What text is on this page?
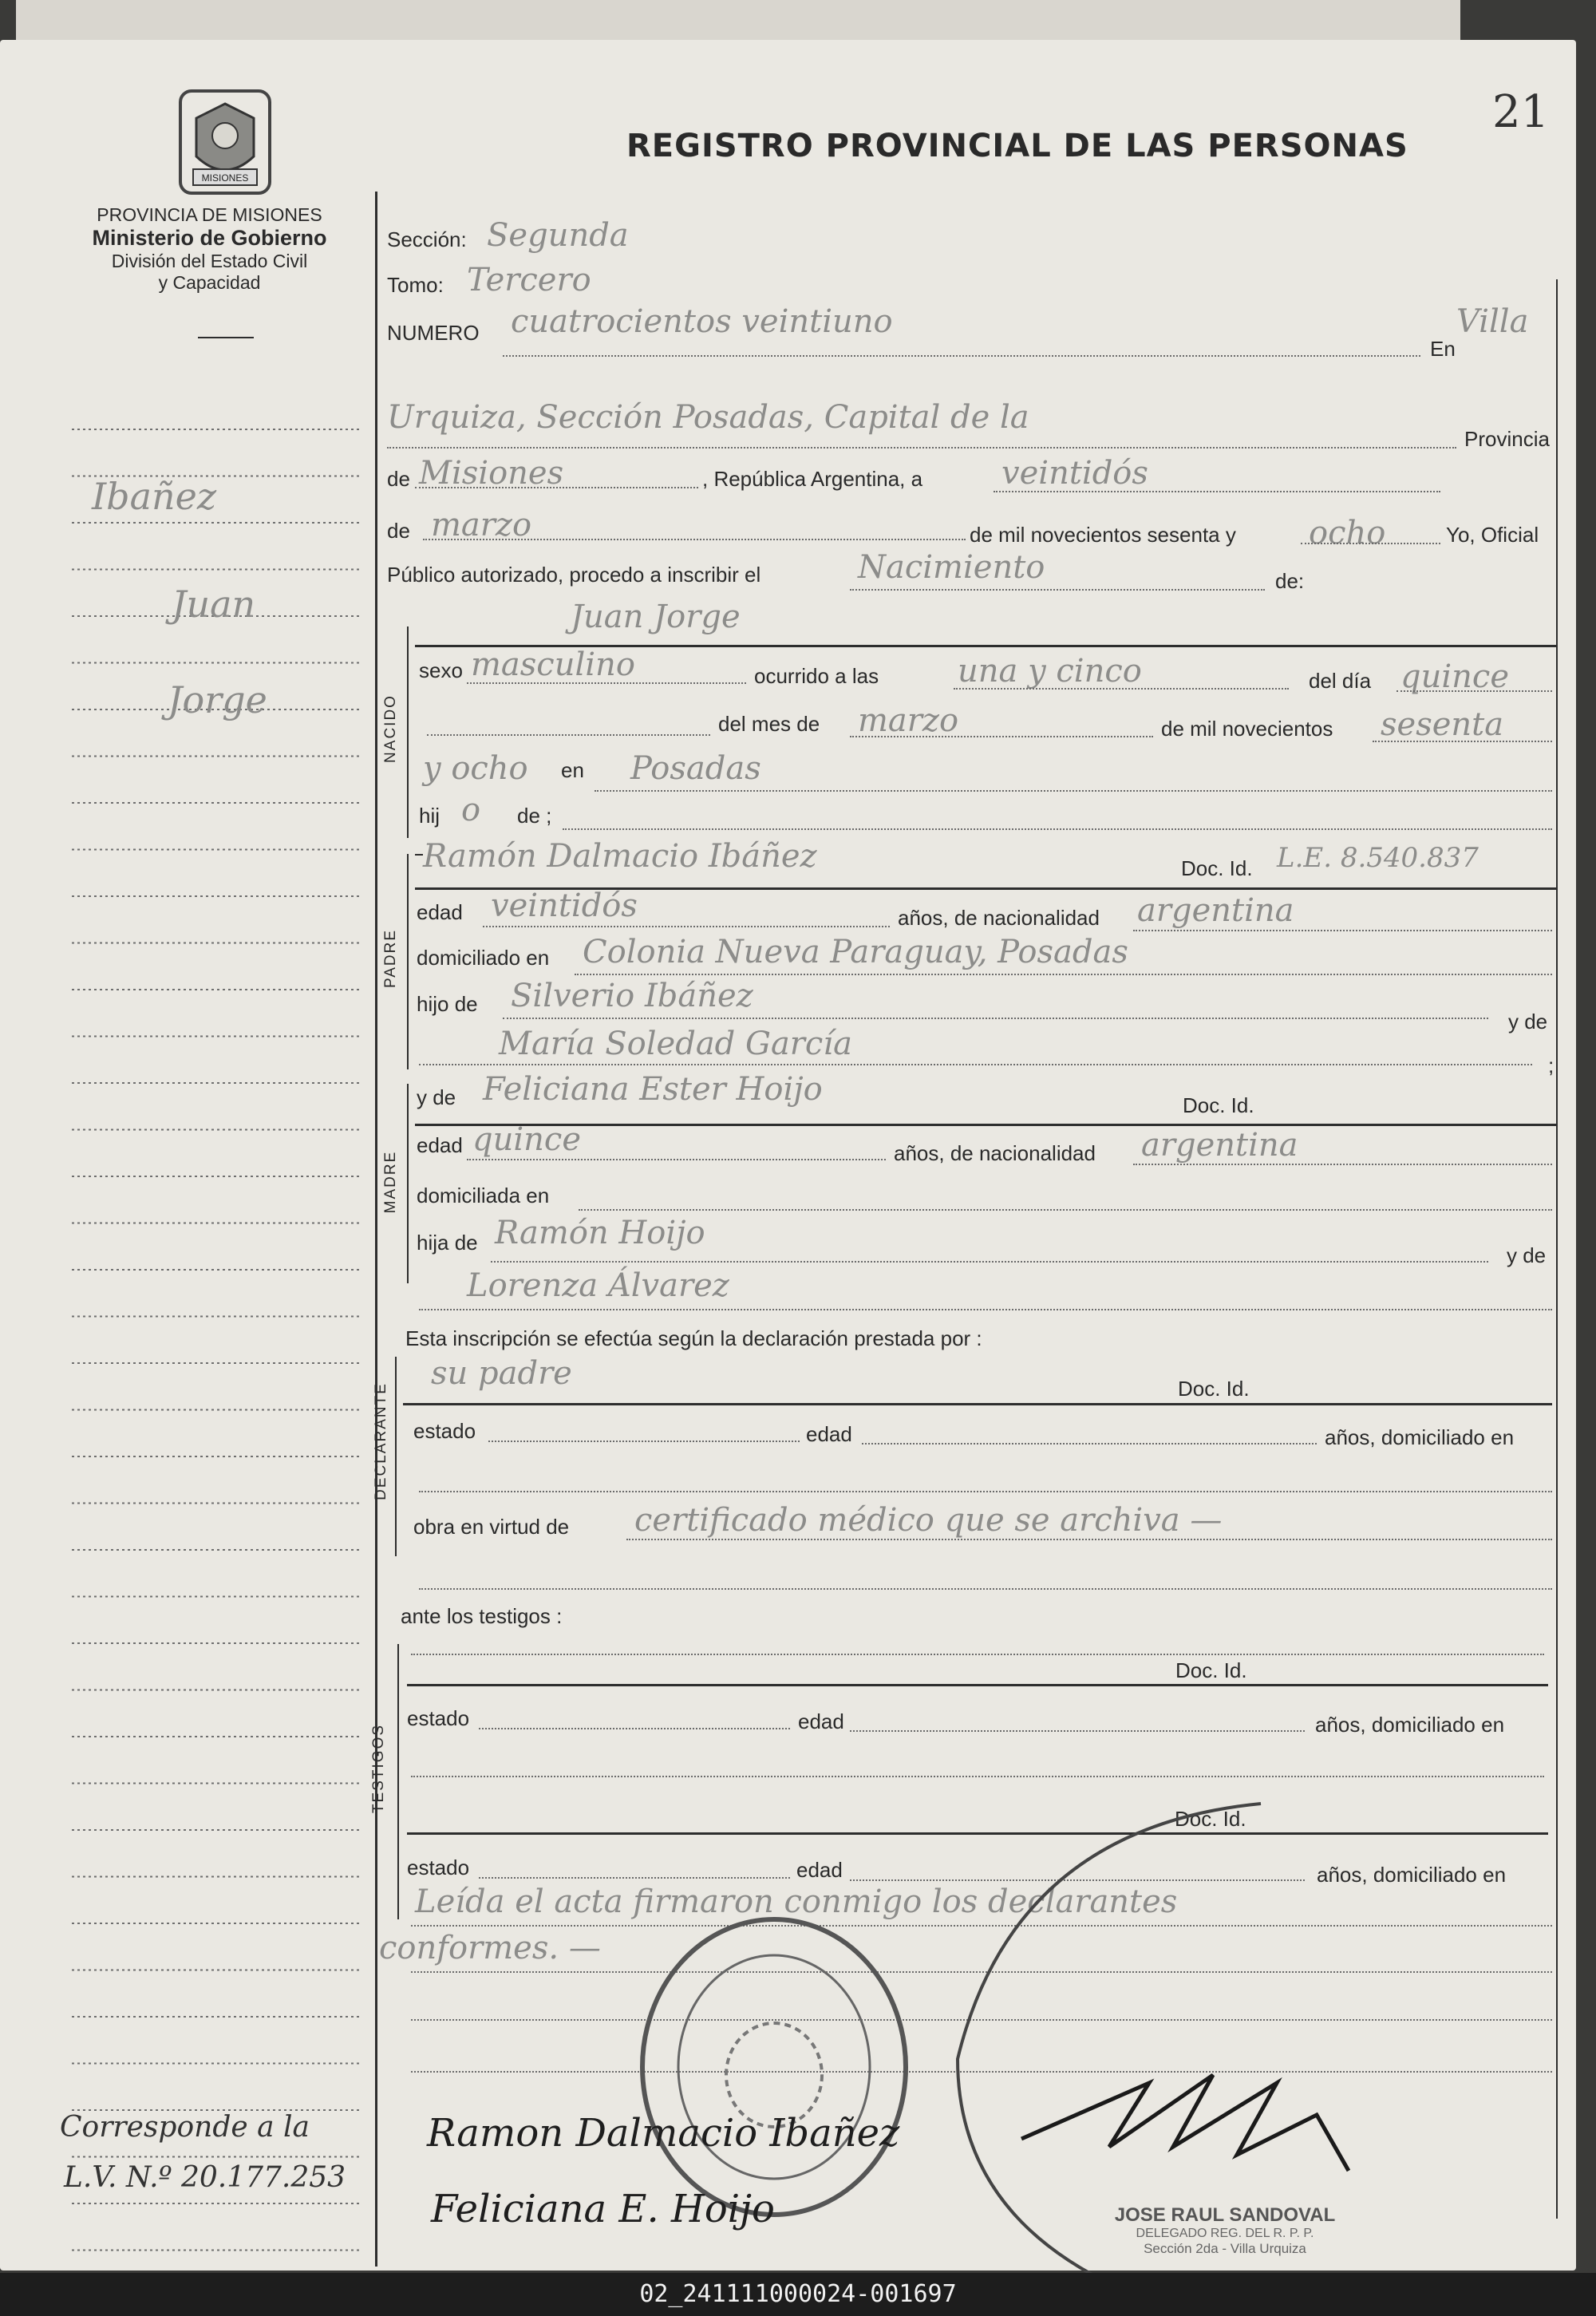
MISIONES
PROVINCIA DE MISIONES
Ministerio de Gobierno
División del Estado Civil
y Capacidad
REGISTRO PROVINCIAL DE LAS PERSONAS
21
Ibañez
Juan
Jorge
Corresponde a la
L.V. N.º 20.177.253
Sección: Segunda
Tomo: Tercero
NUMERO cuatrocientos veintiuno
En
Villa
Urquiza, Sección Posadas, Capital de la
Provincia
de Misiones	, República Argentina, a veintidós
de marzo	de mil novecientos sesenta y ocho	Yo, Oficial
Público autorizado, procedo a inscribir el	Nacimiento	de:
Juan Jorge
NACIDO
sexo masculino	ocurrido a las una y cinco	del día quince
del mes de marzo	de mil novecientos sesenta
y ocho en Posadas
hij o de ;
PADRE
Ramón Dalmacio Ibáñez	Doc. Id. L.E. 8.540.837
edad veintidós	años, de nacionalidad argentina
domiciliado en Colonia Nueva Paraguay, Posadas
hijo de Silverio Ibáñez
y de
María Soledad García
;
MADRE
y de Feliciana Ester Hoijo	Doc. Id.
edad quince	años, de nacionalidad argentina
domiciliada en
hija de Ramón Hoijo
y de
Lorenza Álvarez
Esta inscripción se efectúa según la declaración prestada por :
DECLARANTE
su padre	Doc. Id.
estado	edad	años, domiciliado en
obra en virtud de certificado médico que se archiva —
ante los testigos :
TESTIGOS
Doc. Id.
estado	edad	años, domiciliado en
Doc. Id.
estado	edad	años, domiciliado en
Leída el acta firmaron conmigo los declarantes
conformes. —
JOSE RAUL SANDOVAL
DELEGADO REG. DEL R. P. P.
Sección 2da - Villa Urquiza
Ramon Dalmacio Ibañez
Feliciana E. Hoijo
02_241111000024-001697
